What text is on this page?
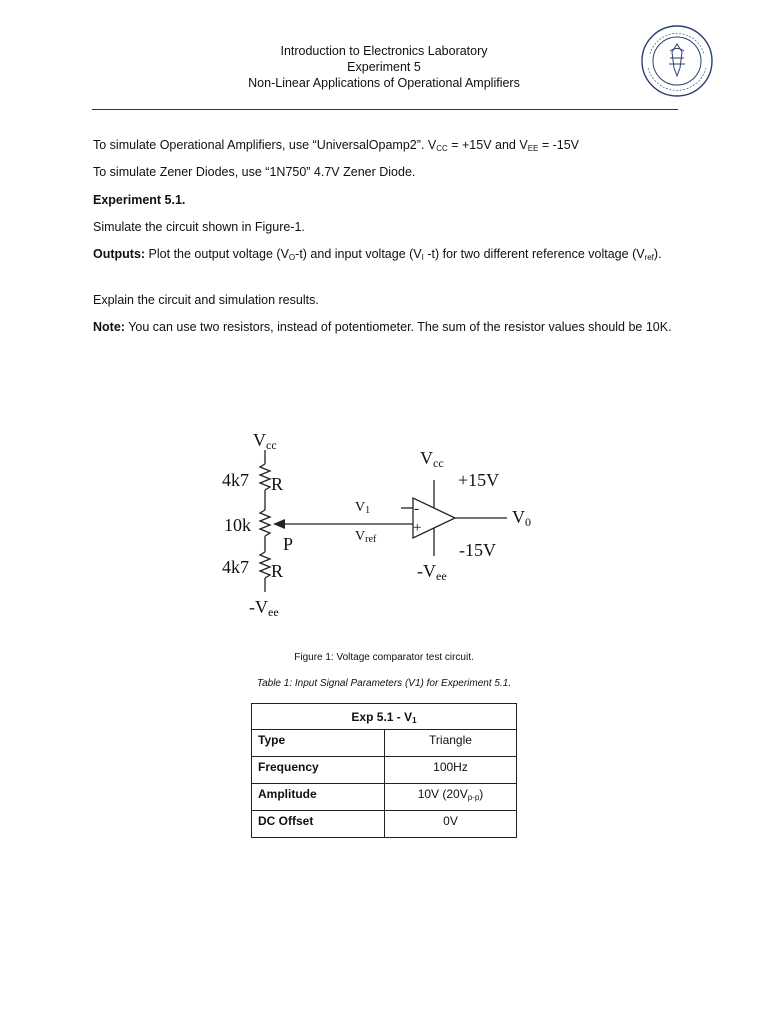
Introduction to Electronics Laboratory
Experiment 5
Non-Linear Applications of Operational Amplifiers
To simulate Operational Amplifiers, use “UniversalOpamp2”. $V_{CC} = +15V$ and $V_{EE} = -15V$
To simulate Zener Diodes, use “1N750” 4.7V Zener Diode.
Experiment 5.1.
Simulate the circuit shown in Figure-1.
Outputs: Plot the output voltage $(V_O-t)$ and input voltage ($V_I$ -t) for two different reference voltage $(V_{ref})$.
Explain the circuit and simulation results.
Note: You can use two resistors, instead of potentiometer. The sum of the resistor values should be 10K.
Vcc
4k7 R
10k
P
4k7 R
-Vee
V1
Vref
Vcc
+15V
-15V
-Vee
V0
-
+
Figure 1: Voltage comparator test circuit.
Table 1: Input Signal Parameters (V1) for Experiment 5.1.
Exp $5.1 - V_1$
Type	Triangle
Frequency	100Hz
Amplitude	10V $(20V_{p-p})$
DC Offset	0V
